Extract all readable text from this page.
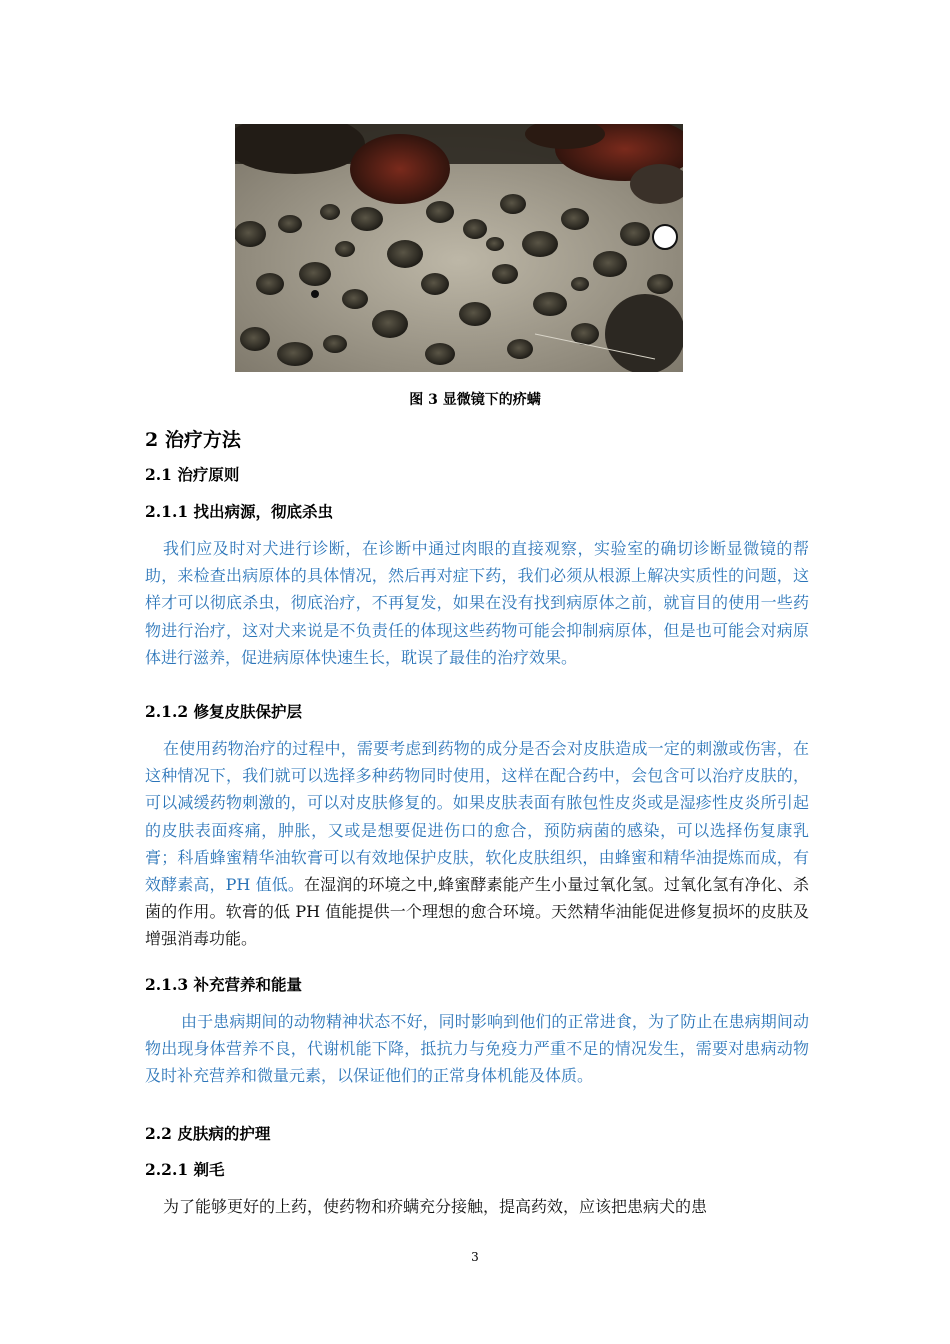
图 3 显微镜下的疥螨
2 治疗方法
2.1 治疗原则
2.1.1 找出病源，彻底杀虫
我们应及时对犬进行诊断，在诊断中通过肉眼的直接观察，实验室的确切诊断显微镜的帮助，来检查出病原体的具体情况，然后再对症下药，我们必须从根源上解决实质性的问题，这样才可以彻底杀虫，彻底治疗，不再复发，如果在没有找到病原体之前，就盲目的使用一些药物进行治疗，这对犬来说是不负责任的体现这些药物可能会抑制病原体，但是也可能会对病原体进行滋养，促进病原体快速生长，耽误了最佳的治疗效果。
2.1.2 修复皮肤保护层
在使用药物治疗的过程中，需要考虑到药物的成分是否会对皮肤造成一定的刺激或伤害，在这种情况下，我们就可以选择多种药物同时使用，这样在配合药中，会包含可以治疗皮肤的，可以减缓药物刺激的，可以对皮肤修复的。如果皮肤表面有脓包性皮炎或是湿疹性皮炎所引起的皮肤表面疼痛，肿胀，又或是想要促进伤口的愈合，预防病菌的感染，可以选择伤复康乳膏；科盾蜂蜜精华油软膏可以有效地保护皮肤，软化皮肤组织，由蜂蜜和精华油提炼而成，有效酵素高，PH 值低。在湿润的环境之中,蜂蜜酵素能产生小量过氧化氢。过氧化氢有净化、杀菌的作用。软膏的低 PH 值能提供一个理想的愈合环境。天然精华油能促进修复损坏的皮肤及增强消毒功能。
2.1.3 补充营养和能量
由于患病期间的动物精神状态不好，同时影响到他们的正常进食，为了防止在患病期间动物出现身体营养不良，代谢机能下降，抵抗力与免疫力严重不足的情况发生，需要对患病动物及时补充营养和微量元素，以保证他们的正常身体机能及体质。
2.2 皮肤病的护理
2.2.1 剃毛
为了能够更好的上药，使药物和疥螨充分接触，提高药效，应该把患病犬的患
3
